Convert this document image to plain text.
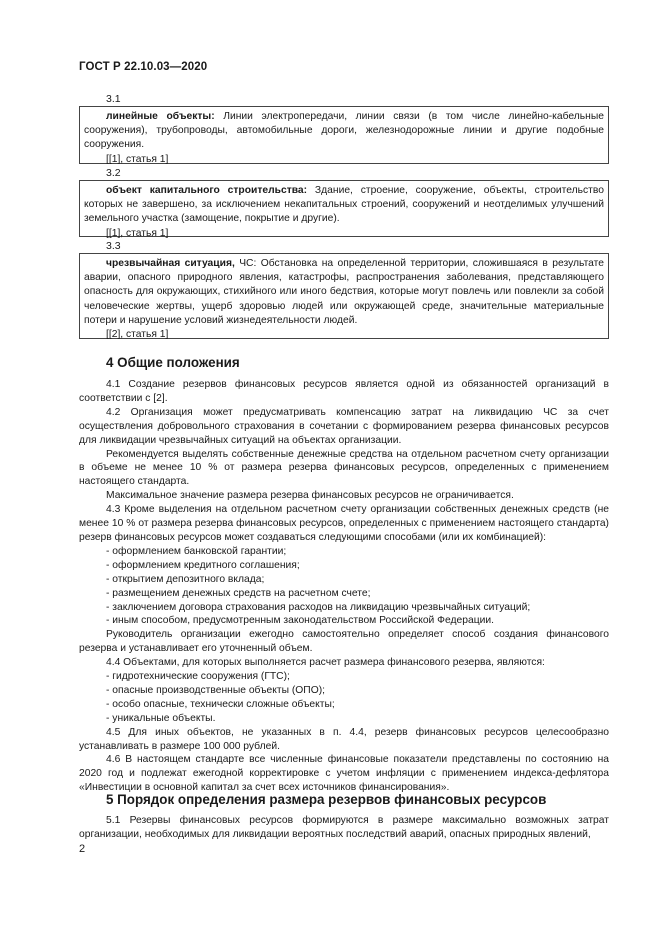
ГОСТ Р 22.10.03—2020
3.1

линейные объекты: Линии электропередачи, линии связи (в том числе линейно-кабельные сооружения), трубопроводы, автомобильные дороги, железнодорожные линии и другие подобные сооружения.

[[1], статья 1]
3.2

объект капитального строительства: Здание, строение, сооружение, объекты, строительство которых не завершено, за исключением некапитальных строений, сооружений и неотделимых улучшений земельного участка (замощение, покрытие и другие).

[[1], статья 1]
3.3

чрезвычайная ситуация, ЧС: Обстановка на определенной территории, сложившаяся в результате аварии, опасного природного явления, катастрофы, распространения заболевания, представляющего опасность для окружающих, стихийного или иного бедствия, которые могут повлечь или повлекли за собой человеческие жертвы, ущерб здоровью людей или окружающей среде, значительные материальные потери и нарушение условий жизнедеятельности людей.

[[2], статья 1]
4 Общие положения

4.1 Создание резервов финансовых ресурсов является одной из обязанностей организаций в соответствии с [2].

4.2 Организация может предусматривать компенсацию затрат на ликвидацию ЧС за счет осуществления добровольного страхования в сочетании с формированием резерва финансовых ресурсов для ликвидации чрезвычайных ситуаций на объектах организации.

Рекомендуется выделять собственные денежные средства на отдельном расчетном счету организации в объеме не менее 10 % от размера резерва финансовых ресурсов, определенных с применением настоящего стандарта.

Максимальное значение размера резерва финансовых ресурсов не ограничивается.

4.3 Кроме выделения на отдельном расчетном счету организации собственных денежных средств (не менее 10 % от размера резерва финансовых ресурсов, определенных с применением настоящего стандарта) резерв финансовых ресурсов может создаваться следующими способами (или их комбинацией):

- оформлением банковской гарантии;

- оформлением кредитного соглашения;

- открытием депозитного вклада;

- размещением денежных средств на расчетном счете;

- заключением договора страхования расходов на ликвидацию чрезвычайных ситуаций;

- иным способом, предусмотренным законодательством Российской Федерации.

Руководитель организации ежегодно самостоятельно определяет способ создания финансового резерва и устанавливает его уточненный объем.

4.4 Объектами, для которых выполняется расчет размера финансового резерва, являются:

- гидротехнические сооружения (ГТС);

- опасные производственные объекты (ОПО);

- особо опасные, технически сложные объекты;

- уникальные объекты.

4.5 Для иных объектов, не указанных в п. 4.4, резерв финансовых ресурсов целесообразно устанавливать в размере 100 000 рублей.

4.6 В настоящем стандарте все численные финансовые показатели представлены по состоянию на 2020 год и подлежат ежегодной корректировке с учетом инфляции с применением индекса-дефлятора «Инвестиции в основной капитал за счет всех источников финансирования».

5 Порядок определения размера резервов финансовых ресурсов

5.1 Резервы финансовых ресурсов формируются в размере максимально возможных затрат организации, необходимых для ликвидации вероятных последствий аварий, опасных природных явлений,

2
